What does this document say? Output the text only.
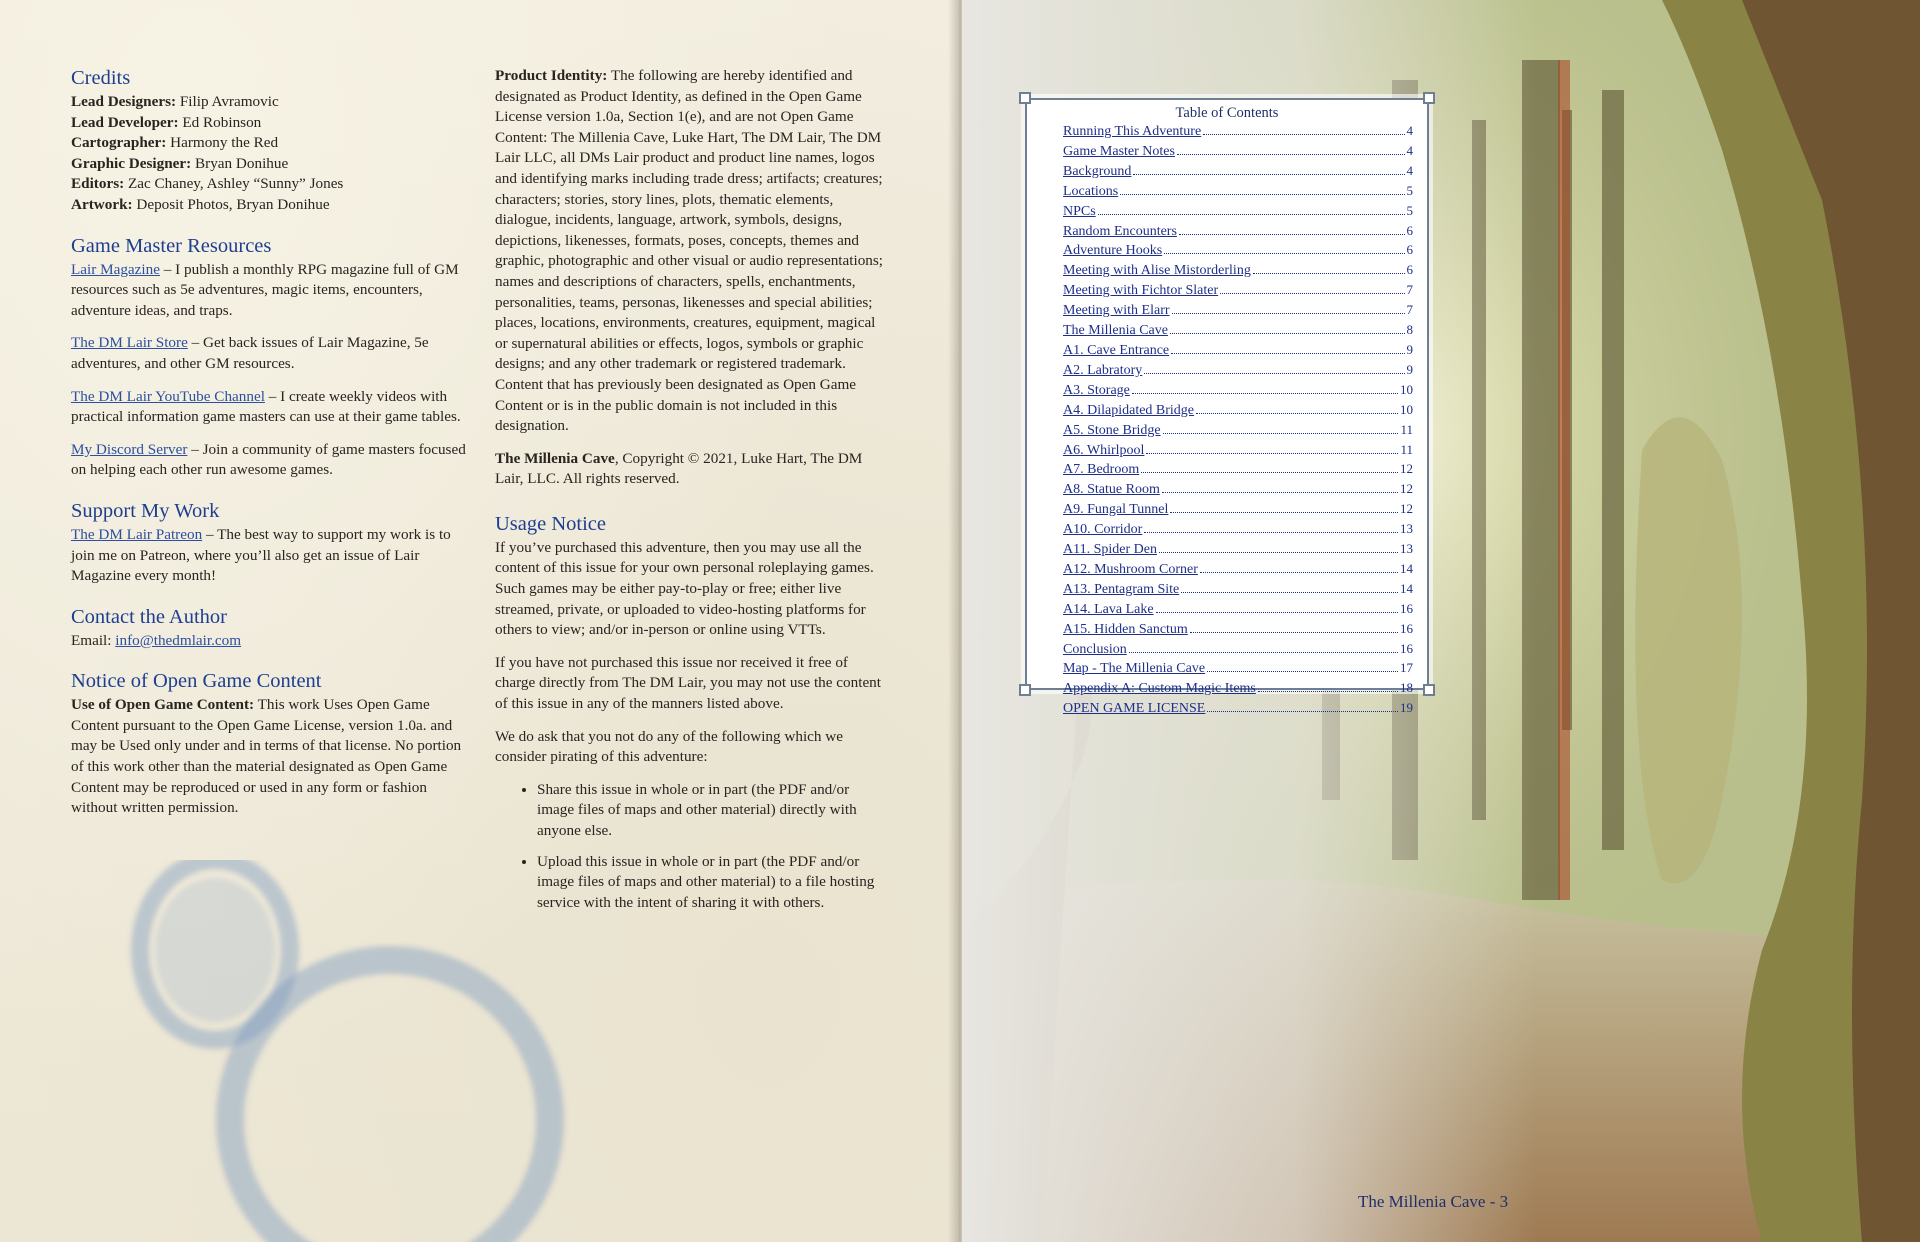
Credits
Lead Designers: Filip Avramovic
Lead Developer: Ed Robinson
Cartographer: Harmony the Red
Graphic Designer: Bryan Donihue
Editors: Zac Chaney, Ashley “Sunny” Jones
Artwork: Deposit Photos, Bryan Donihue
Game Master Resources

Lair Magazine – I publish a monthly RPG magazine full of GM resources such as 5e adventures, magic items, encounters, adventure ideas, and traps.

The DM Lair Store – Get back issues of Lair Magazine, 5e adventures, and other GM resources.

The DM Lair YouTube Channel – I create weekly videos with practical information game masters can use at their game tables.

My Discord Server – Join a community of game masters focused on helping each other run awesome games.

Support My Work

The DM Lair Patreon – The best way to support my work is to join me on Patreon, where you’ll also get an issue of Lair Magazine every month!

Contact the Author
Email: info@thedmlair.com
Notice of Open Game Content

Use of Open Game Content: This work Uses Open Game Content pursuant to the Open Game License, version 1.0a. and may be Used only under and in terms of that license. No portion of this work other than the material designated as Open Game Content may be reproduced or used in any form or fashion without written permission.

Product Identity: The following are hereby identified and designated as Product Identity, as defined in the Open Game License version 1.0a, Section 1(e), and are not Open Game Content: The Millenia Cave, Luke Hart, The DM Lair, The DM Lair LLC, all DMs Lair product and product line names, logos and identifying marks including trade dress; artifacts; creatures; characters; stories, story lines, plots, thematic elements, dialogue, incidents, language, artwork, symbols, designs, depictions, likenesses, formats, poses, concepts, themes and graphic, photographic and other visual or audio representations; names and descriptions of characters, spells, enchantments, personalities, teams, personas, likenesses and special abilities; places, locations, environments, creatures, equipment, magical or supernatural abilities or effects, logos, symbols or graphic designs; and any other trademark or registered trademark. Content that has previously been designated as Open Game Content or is in the public domain is not included in this designation.

The Millenia Cave, Copyright © 2021, Luke Hart, The DM Lair, LLC. All rights reserved.

Usage Notice

If you’ve purchased this adventure, then you may use all the content of this issue for your own personal roleplaying games. Such games may be either pay-to-play or free; either live streamed, private, or uploaded to video-hosting platforms for others to view; and/or in-person or online using VTTs.

If you have not purchased this issue nor received it free of charge directly from The DM Lair, you may not use the content of this issue in any of the manners listed above.

We do ask that you not do any of the following which we consider pirating of this adventure:

• Share this issue in whole or in part (the PDF and/or image files of maps and other material) directly with anyone else.
• Upload this issue in whole or in part (the PDF and/or image files of maps and other material) to a file hosting service with the intent of sharing it with others.
Table of Contents
Running This Adventure	4
Game Master Notes	4
Background	4
Locations	5
NPCs	5
Random Encounters	6
Adventure Hooks	6
Meeting with Alise Mistorderling	6
Meeting with Fichtor Slater	7
Meeting with Elarr	7
The Millenia Cave	8
A1. Cave Entrance	9
A2. Labratory	9
A3. Storage	10
A4. Dilapidated Bridge	10
A5. Stone Bridge	11
A6. Whirlpool	11
A7. Bedroom	12
A8. Statue Room	12
A9. Fungal Tunnel	12
A10. Corridor	13
A11. Spider Den	13
A12. Mushroom Corner	14
A13. Pentagram Site	14
A14. Lava Lake	16
A15. Hidden Sanctum	16
Conclusion	16
Map - The Millenia Cave	17
Appendix A: Custom Magic Items	18
OPEN GAME LICENSE	19
The Millenia Cave - 3
